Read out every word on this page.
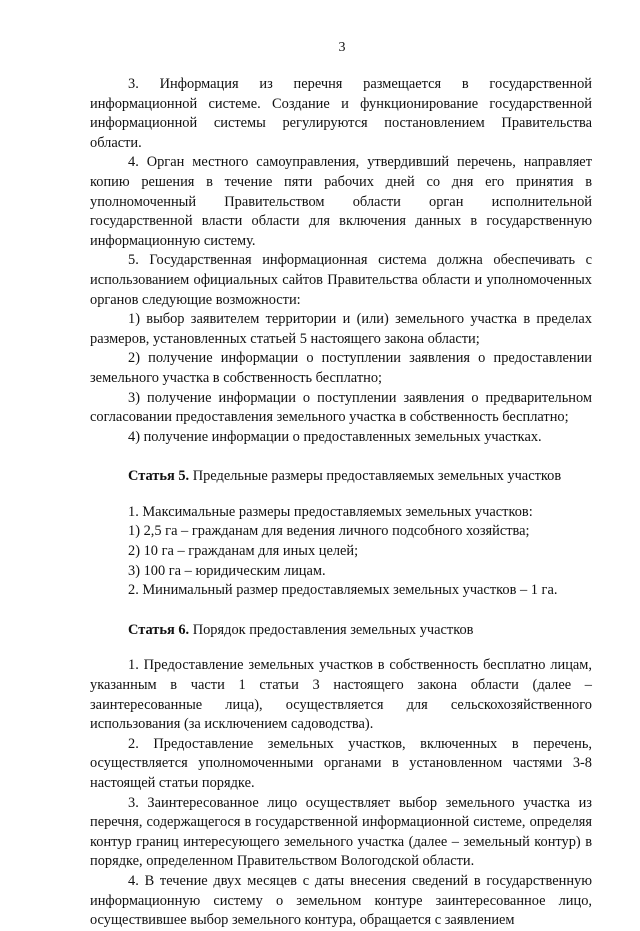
3

3. Информация из перечня размещается в государственной информационной системе. Создание и функционирование государственной информационной системы регулируются постановлением Правительства области.

4. Орган местного самоуправления, утвердивший перечень, направляет копию решения в течение пяти рабочих дней со дня его принятия в уполномоченный Правительством области орган исполнительной государственной власти области для включения данных в государственную информационную систему.

5. Государственная информационная система должна обеспечивать с использованием официальных сайтов Правительства области и уполномоченных органов следующие возможности:

1) выбор заявителем территории и (или) земельного участка в пределах размеров, установленных статьей 5 настоящего закона области;

2) получение информации о поступлении заявления о предоставлении земельного участка в собственность бесплатно;

3) получение информации о поступлении заявления о предварительном согласовании предоставления земельного участка в собственность бесплатно;

4) получение информации о предоставленных земельных участках.

Статья 5. Предельные размеры предоставляемых земельных участков

1. Максимальные размеры предоставляемых земельных участков:

1) 2,5 га – гражданам для ведения личного подсобного хозяйства;

2) 10 га – гражданам для иных целей;

3) 100 га – юридическим лицам.

2. Минимальный размер предоставляемых земельных участков – 1 га.

Статья 6. Порядок предоставления земельных участков

1. Предоставление земельных участков в собственность бесплатно лицам, указанным в части 1 статьи 3 настоящего закона области (далее – заинтересованные лица), осуществляется для сельскохозяйственного использования (за исключением садоводства).

2. Предоставление земельных участков, включенных в перечень, осуществляется уполномоченными органами в установленном частями 3-8 настоящей статьи порядке.

3. Заинтересованное лицо осуществляет выбор земельного участка из перечня, содержащегося в государственной информационной системе, определяя контур границ интересующего земельного участка (далее – земельный контур) в порядке, определенном Правительством Вологодской области.

4. В течение двух месяцев с даты внесения сведений в государственную информационную систему о земельном контуре заинтересованное лицо, осуществившее выбор земельного контура, обращается с заявлением
